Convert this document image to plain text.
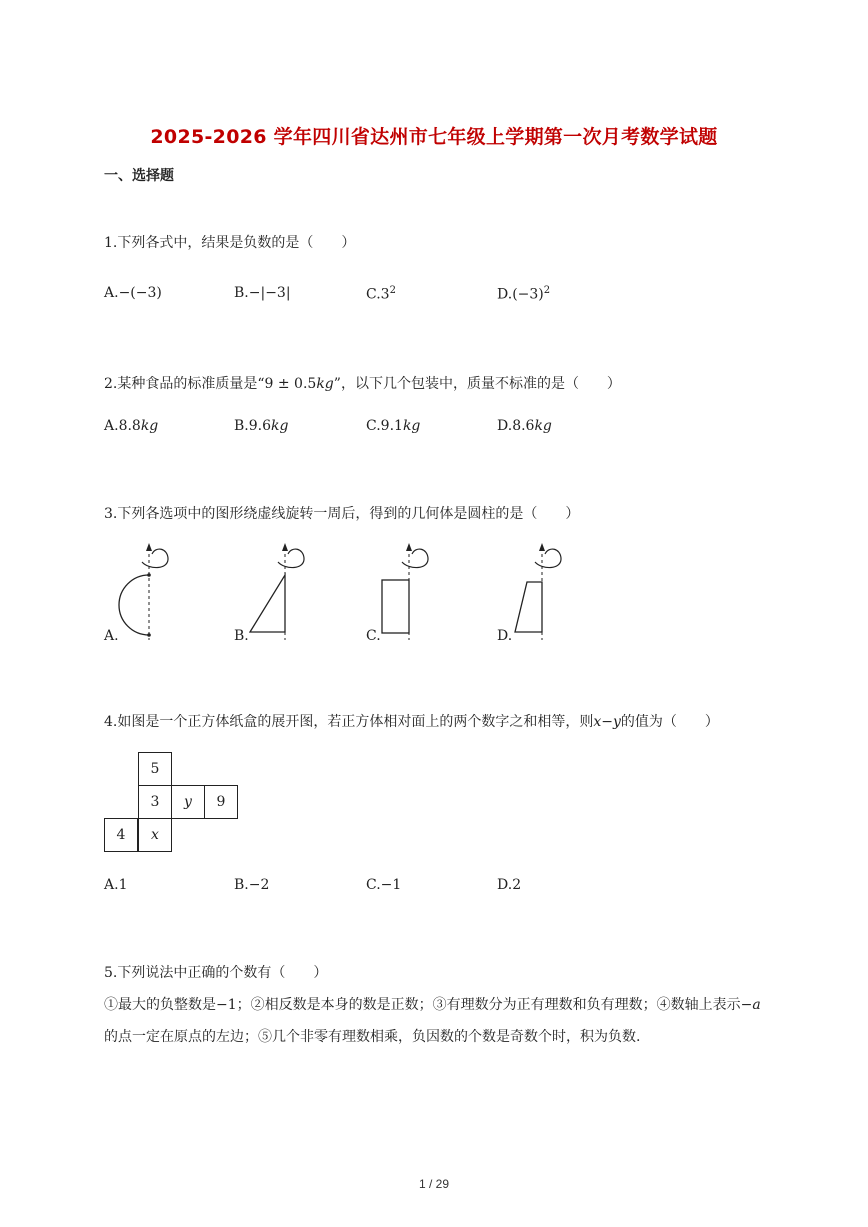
2025-2026 学年四川省达州市七年级上学期第一次月考数学试题
一、选择题
1.下列各式中，结果是负数的是（　　）
A.−(−3)	B.−|−3|	$C.3^2$	$D.(-3)^2$
2.某种食品的标准质量是“9 ± 0.5kg”，以下几个包装中，质量不标准的是（　　）
A.8.8kg	B.9.6kg	C.9.1kg	D.8.6kg
3.下列各选项中的图形绕虚线旋转一周后，得到的几何体是圆柱的是（　　）
A.	B.	C.	D.
4.如图是一个正方体纸盒的展开图，若正方体相对面上的两个数字之和相等，则x−y的值为（　　）
5
3	y	9
4	x
A.1	B.−2	C.−1	D.2
5.下列说法中正确的个数有（　　）
①最大的负整数是−1；②相反数是本身的数是正数；③有理数分为正有理数和负有理数；④数轴上表示−a的点一定在原点的左边；⑤几个非零有理数相乘，负因数的个数是奇数个时，积为负数.
1 / 29
